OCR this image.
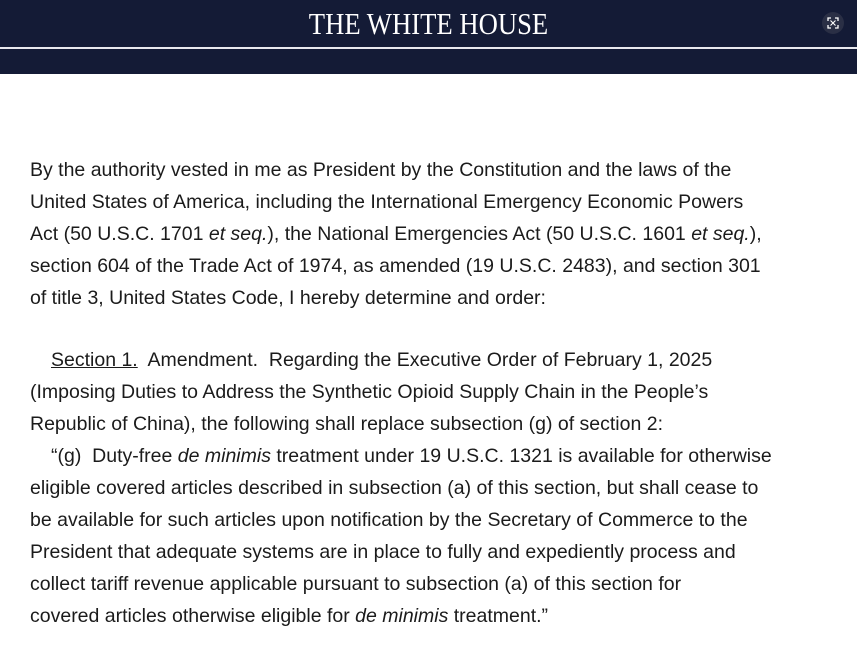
THE WHITE HOUSE
By the authority vested in me as President by the Constitution and the laws of the
United States of America, including the International Emergency Economic Powers
Act (50 U.S.C. 1701 et seq.), the National Emergencies Act (50 U.S.C. 1601 et seq.),
section 604 of the Trade Act of 1974, as amended (19 U.S.C. 2483), and section 301
of title 3, United States Code, I hereby determine and order:
Section 1.  Amendment.  Regarding the Executive Order of February 1, 2025
(Imposing Duties to Address the Synthetic Opioid Supply Chain in the People’s
Republic of China), the following shall replace subsection (g) of section 2:
“(g)  Duty-free de minimis treatment under 19 U.S.C. 1321 is available for otherwise
eligible covered articles described in subsection (a) of this section, but shall cease to
be available for such articles upon notification by the Secretary of Commerce to the
President that adequate systems are in place to fully and expediently process and
collect tariff revenue applicable pursuant to subsection (a) of this section for
covered articles otherwise eligible for de minimis treatment.”
